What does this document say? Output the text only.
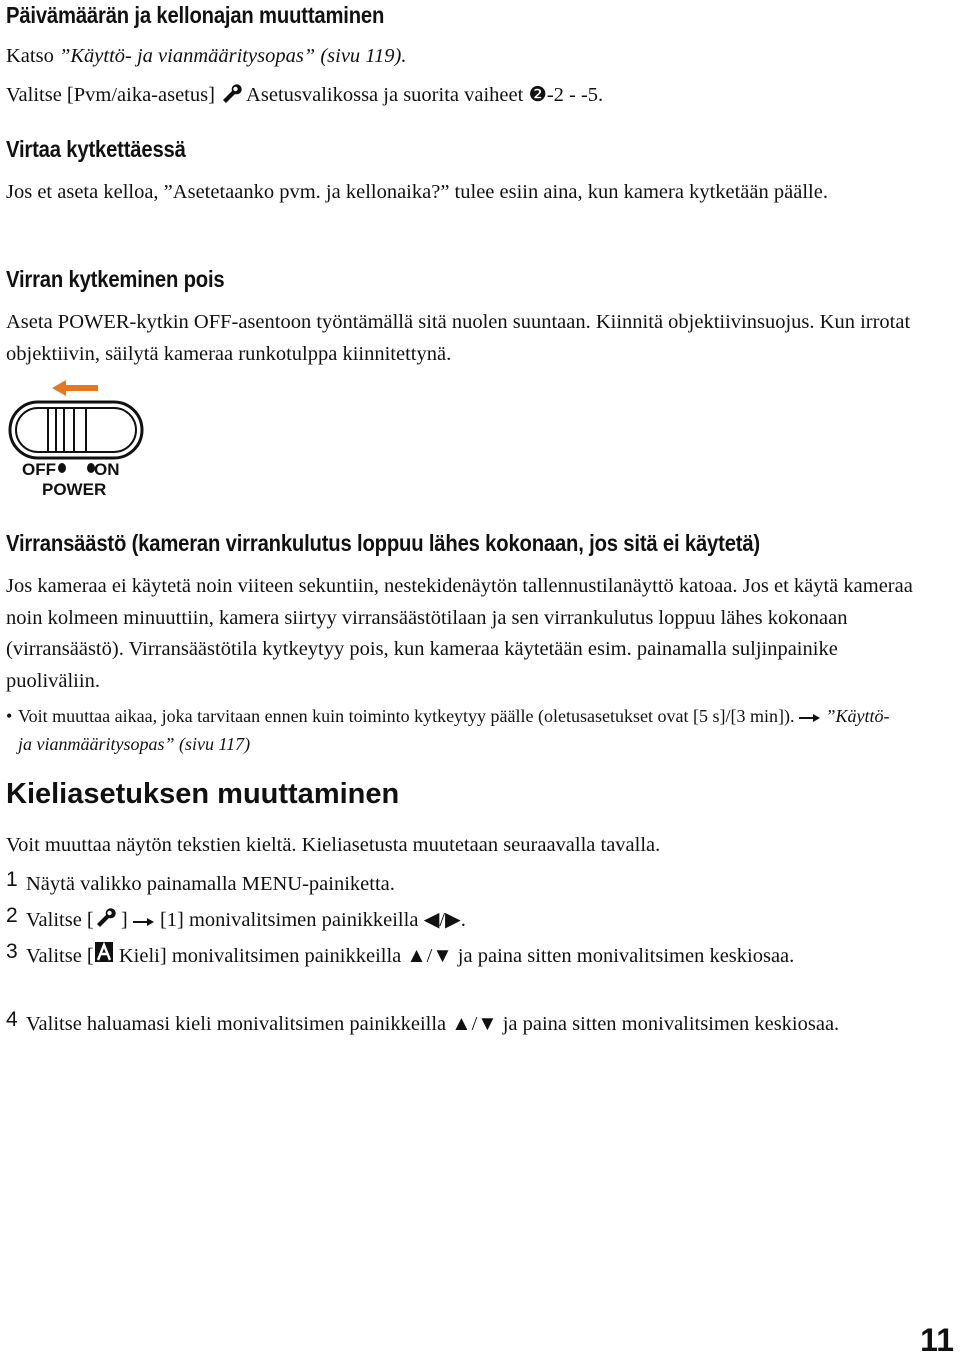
Päivämäärän ja kellonajan muuttaminen

Katso ”Käyttö- ja vianmääritysopas” (sivu 119).

Valitse [Pvm/aika-asetus]  Asetusvalikossa ja suorita vaiheet ❷-2 - -5.

Virtaa kytkettäessä

Jos et aseta kelloa, ”Asetetaanko pvm. ja kellonaika?” tulee esiin aina, kun kamera kytketään päälle.

Virran kytkeminen pois

Aseta POWER-kytkin OFF-asentoon työntämällä sitä nuolen suuntaan. Kiinnitä objektiivinsuojus. Kun irrotat objektiivin, säilytä kameraa runkotulppa kiinnitettynä.

OFF ON
POWER
Virransäästö (kameran virrankulutus loppuu lähes kokonaan, jos sitä ei käytetä)

Jos kameraa ei käytetä noin viiteen sekuntiin, nestekidenäytön tallennustilanäyttö katoaa. Jos et käytä kameraa noin kolmeen minuuttiin, kamera siirtyy virransäästötilaan ja sen virrankulutus loppuu lähes kokonaan (virransäästö). Virransäästötila kytkeytyy pois, kun kameraa käytetään esim. painamalla suljinpainike puoliväliin.

• Voit muuttaa aikaa, joka tarvitaan ennen kuin toiminto kytkeytyy päälle (oletusasetukset ovat [5 s]/[3 min]).  ”Käyttö- ja vianmääritysopas” (sivu 117)
Kieliasetuksen muuttaminen

Voit muuttaa näytön tekstien kieltä. Kieliasetusta muutetaan seuraavalla tavalla.

1 Näytä valikko painamalla MENU-painiketta.
2 Valitse [ ]  [1] monivalitsimen painikkeilla ◀/▶.
3 Valitse [ Kieli] monivalitsimen painikkeilla ▲/▼ ja paina sitten monivalitsimen keskiosaa.
4 Valitse haluamasi kieli monivalitsimen painikkeilla ▲/▼ ja paina sitten monivalitsimen keskiosaa.
11
